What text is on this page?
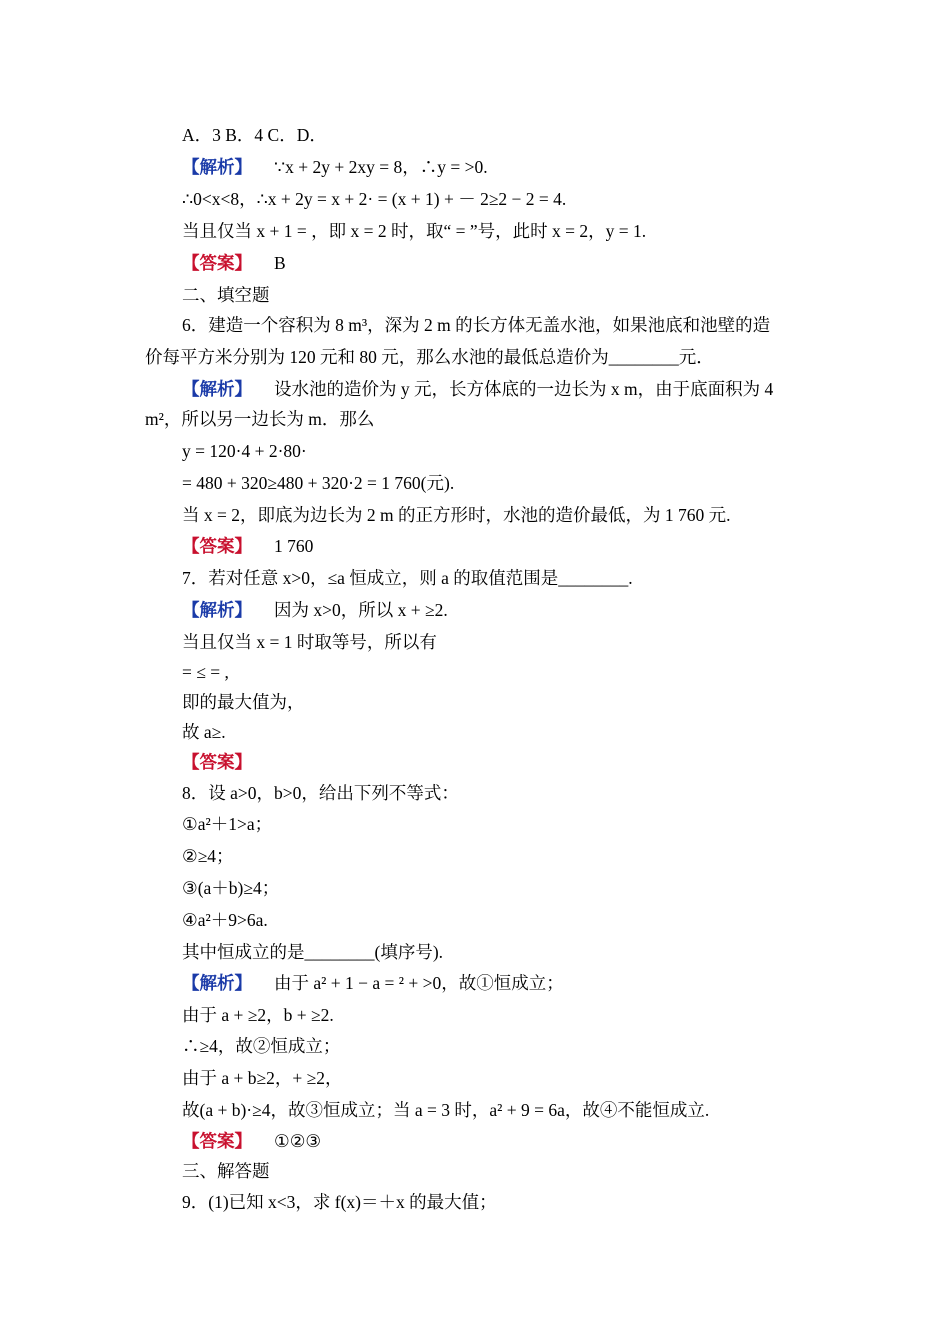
A．3 B．4 C．D．
【解析】 ∵x + 2y + 2xy = 8，∴y = >0.
∴0<x<8，∴x + 2y = x + 2· = (x + 1) + － 2≥2 − 2 = 4.
当且仅当 x + 1 = ，即 x = 2 时，取“ = ”号，此时 x = 2，y = 1.
【答案】 B
二、填空题
6．建造一个容积为 8 m³，深为 2 m 的长方体无盖水池，如果池底和池壁的造
价每平方米分别为 120 元和 80 元，那么水池的最低总造价为________元．
【解析】 设水池的造价为 y 元，长方体底的一边长为 x m，由于底面积为 4
m²，所以另一边长为 m．那么
y = 120·4 + 2·80·
= 480 + 320≥480 + 320·2 = 1 760(元).
当 x = 2，即底为边长为 2 m 的正方形时，水池的造价最低，为 1 760 元.
【答案】 1 760
7．若对任意 x>0，≤a 恒成立，则 a 的取值范围是________.
【解析】 因为 x>0，所以 x + ≥2.
当且仅当 x = 1 时取等号，所以有
= ≤ = ,
即的最大值为，
故 a≥.
【答案】
8．设 a>0，b>0，给出下列不等式：
①a²＋1>a；
②≥4；
③(a＋b)≥4；
④a²＋9>6a.
其中恒成立的是________(填序号).
【解析】 由于 a² + 1 − a = ² + >0，故①恒成立；
由于 a + ≥2，b + ≥2.
∴≥4，故②恒成立；
由于 a + b≥2，+ ≥2，
故(a + b)·≥4，故③恒成立；当 a = 3 时，a² + 9 = 6a，故④不能恒成立.
【答案】 ①②③
三、解答题
9．(1)已知 x<3，求 f(x)＝＋x 的最大值；
